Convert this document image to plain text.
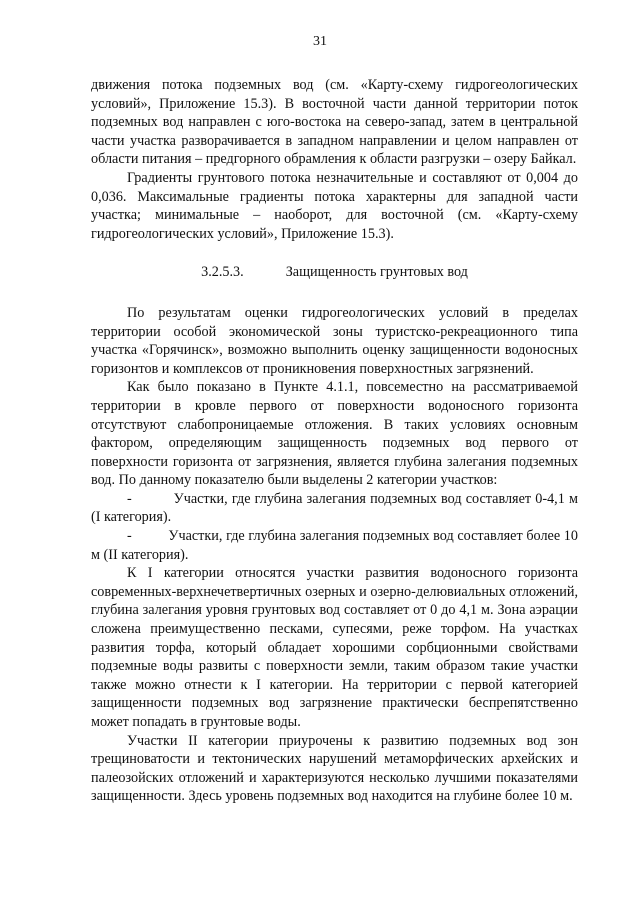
31

движения потока подземных вод (см. «Карту-схему гидрогеологических условий», Приложение 15.3). В восточной части данной территории поток подземных вод направлен с юго-востока на северо-запад, затем в центральной части участка разворачивается в западном направлении и целом направлен от области питания – предгорного обрамления к области разгрузки – озеру Байкал.

Градиенты грунтового потока незначительные и составляют от 0,004 до 0,036. Максимальные градиенты потока характерны для западной части участка; минимальные – наоборот, для восточной (см. «Карту-схему гидрогеологических условий», Приложение 15.3).

3.2.5.3.	Защищенность грунтовых вод

По результатам оценки гидрогеологических условий в пределах территории особой экономической зоны туристско-рекреационного типа участка «Горячинск», возможно выполнить оценку защищенности водоносных горизонтов и комплексов от проникновения поверхностных загрязнений.

Как было показано в Пункте 4.1.1, повсеместно на рассматриваемой территории в кровле первого от поверхности водоносного горизонта отсутствуют слабопроницаемые отложения. В таких условиях основным фактором, определяющим защищенность подземных вод первого от поверхности горизонта от загрязнения, является глубина залегания подземных вод. По данному показателю были выделены 2 категории участков:

-          Участки, где глубина залегания подземных вод составляет 0-4,1 м (I категория).

-          Участки, где глубина залегания подземных вод составляет более 10 м (II категория).

К I категории относятся участки развития водоносного горизонта современных-верхнечетвертичных озерных и озерно-делювиальных отложений, глубина залегания уровня грунтовых вод составляет от 0 до 4,1 м. Зона аэрации сложена преимущественно песками, супесями, реже торфом. На участках развития торфа, который обладает хорошими сорбционными свойствами подземные воды развиты с поверхности земли, таким образом такие участки также можно отнести к I категории. На территории с первой категорией защищенности подземных вод загрязнение практически беспрепятственно может попадать в грунтовые воды.

Участки II категории приурочены к развитию подземных вод зон трещиноватости и тектонических нарушений метаморфических архейских и палеозойских отложений и характеризуются несколько лучшими показателями защищенности. Здесь уровень подземных вод находится на глубине более 10 м.
